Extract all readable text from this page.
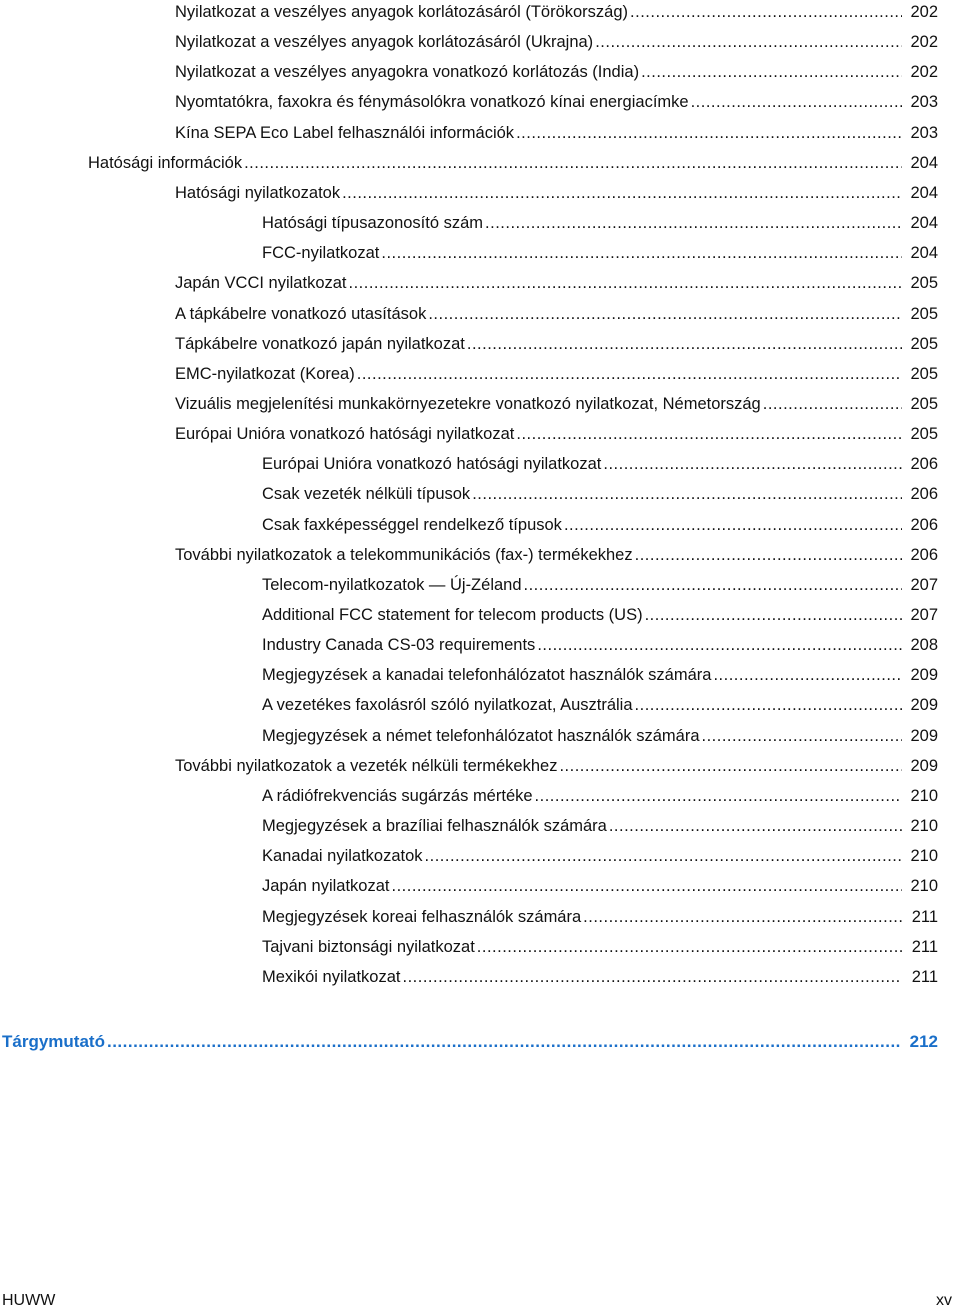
Nyilatkozat a veszélyes anyagok korlátozásáról (Törökország) .....	202
Nyilatkozat a veszélyes anyagok korlátozásáról (Ukrajna) .....	202
Nyilatkozat a veszélyes anyagokra vonatkozó korlátozás (India) .....	202
Nyomtatókra, faxokra és fénymásolókra vonatkozó kínai energiacímke .....	203
Kína SEPA Eco Label felhasználói információk .....	203
Hatósági információk .....	204
Hatósági nyilatkozatok .....	204
Hatósági típusazonosító szám .....	204
FCC-nyilatkozat .....	204
Japán VCCI nyilatkozat .....	205
A tápkábelre vonatkozó utasítások .....	205
Tápkábelre vonatkozó japán nyilatkozat .....	205
EMC-nyilatkozat (Korea) .....	205
Vizuális megjelenítési munkakörnyezetekre vonatkozó nyilatkozat, Németország .....	205
Európai Unióra vonatkozó hatósági nyilatkozat .....	205
Európai Unióra vonatkozó hatósági nyilatkozat .....	206
Csak vezeték nélküli típusok .....	206
Csak faxképességgel rendelkező típusok .....	206
További nyilatkozatok a telekommunikációs (fax-) termékekhez .....	206
Telecom-nyilatkozatok — Új-Zéland .....	207
Additional FCC statement for telecom products (US) .....	207
Industry Canada CS-03 requirements .....	208
Megjegyzések a kanadai telefonhálózatot használók számára .....	209
A vezetékes faxolásról szóló nyilatkozat, Ausztrália .....	209
Megjegyzések a német telefonhálózatot használók számára .....	209
További nyilatkozatok a vezeték nélküli termékekhez .....	209
A rádiófrekvenciás sugárzás mértéke .....	210
Megjegyzések a brazíliai felhasználók számára .....	210
Kanadai nyilatkozatok .....	210
Japán nyilatkozat .....	210
Megjegyzések koreai felhasználók számára .....	211
Tajvani biztonsági nyilatkozat .....	211
Mexikói nyilatkozat .....	211
Tárgymutató .....	212
HUWW	xv
